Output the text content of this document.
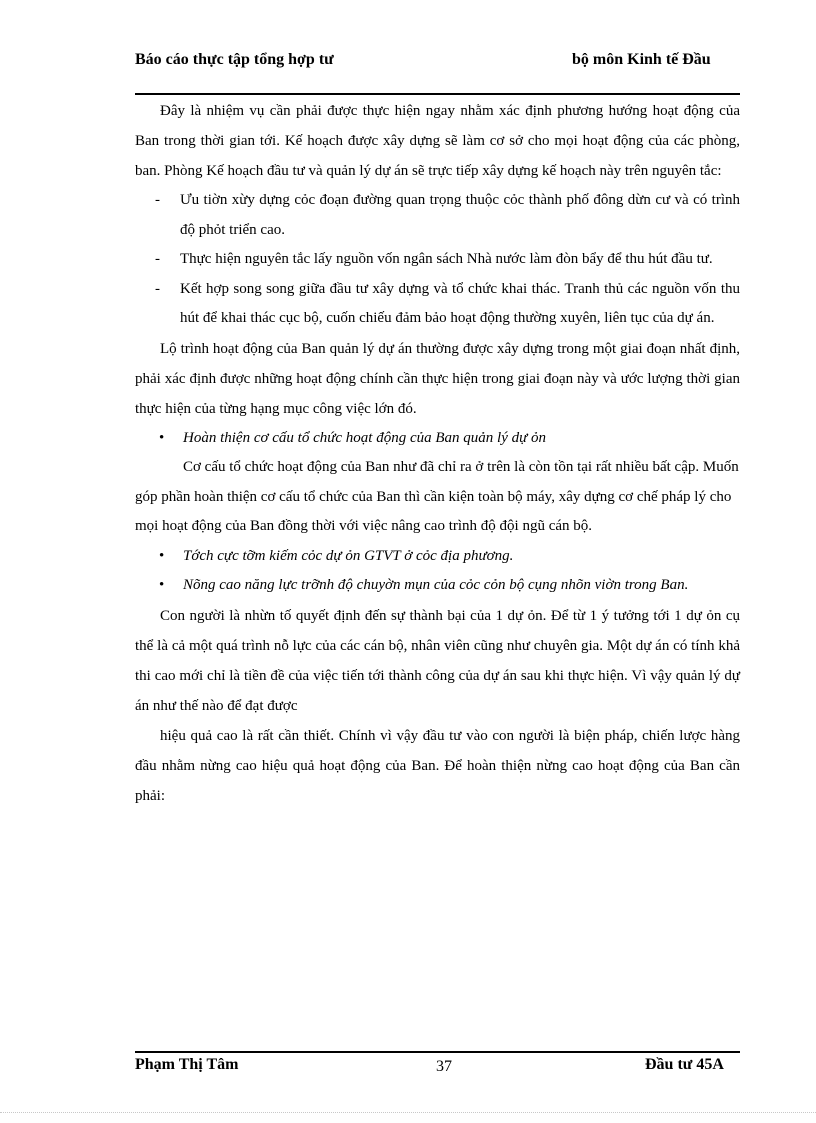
Báo cáo thực tập tổng hợp tư	bộ môn Kinh tế Đầu

Đây là nhiệm vụ cần phải được thực hiện ngay nhằm xác định phương hướng hoạt động của Ban trong thời gian tới. Kế hoạch được xây dựng sẽ làm cơ sở cho mọi hoạt động của các phòng, ban. Phòng Kế hoạch đầu tư và quản lý dự án sẽ trực tiếp xây dựng kế hoạch này trên nguyên tắc:

- Ưu tiờn xừy dựng cỏc đoạn đường quan trọng thuộc cỏc thành phố đông dừn cư và có trình độ phỏt triển cao.
- Thực hiện nguyên tắc lấy nguồn vốn ngân sách Nhà nước làm đòn bẩy để thu hút đầu tư.
- Kết hợp song song giữa đầu tư xây dựng và tổ chức khai thác. Tranh thủ các nguồn vốn thu hút để khai thác cục bộ, cuốn chiếu đảm bảo hoạt động thường xuyên, liên tục của dự án.

Lộ trình hoạt động của Ban quản lý dự án thường được xây dựng trong một giai đoạn nhất định, phải xác định được những hoạt động chính cần thực hiện trong giai đoạn này và ước lượng thời gian thực hiện của từng hạng mục công việc lớn đó.

• Hoàn thiện cơ cấu tổ chức hoạt động của Ban quản lý dự ỏn

Cơ cấu tổ chức hoạt động của Ban như đã chỉ ra ở trên là còn tồn tại rất nhiều bất cập. Muốn góp phần hoàn thiện cơ cấu tổ chức của Ban thì cần kiện toàn bộ máy, xây dựng cơ chế pháp lý cho mọi hoạt động của Ban đồng thời với việc nâng cao trình độ đội ngũ cán bộ.

• Tớch cực tỡm kiếm cỏc dự ỏn GTVT ở cỏc địa phương.
• Nõng cao năng lực trỡnh độ chuyờn mụn của cỏc cỏn bộ cụng nhõn viờn trong Ban.

Con người là nhừn tố quyết định đến sự thành bại của 1 dự ỏn. Để từ 1 ý tưởng tới 1 dự ỏn cụ thể là cả một quá trình nỗ lực của các cán bộ, nhân viên cũng như chuyên gia. Một dự án có tính khả thi cao mới chỉ là tiền đề của việc tiến tới thành công của dự án sau khi thực hiện. Vì vậy quản lý dự án như thế nào để đạt được

hiệu quả cao là rất cần thiết. Chính vì vậy đầu tư vào con người là biện pháp, chiến lược hàng đầu nhằm nừng cao hiệu quả hoạt động của Ban. Để hoàn thiện nừng cao hoạt động của Ban cần phải:

Phạm Thị Tâm	37	Đầu tư 45A
